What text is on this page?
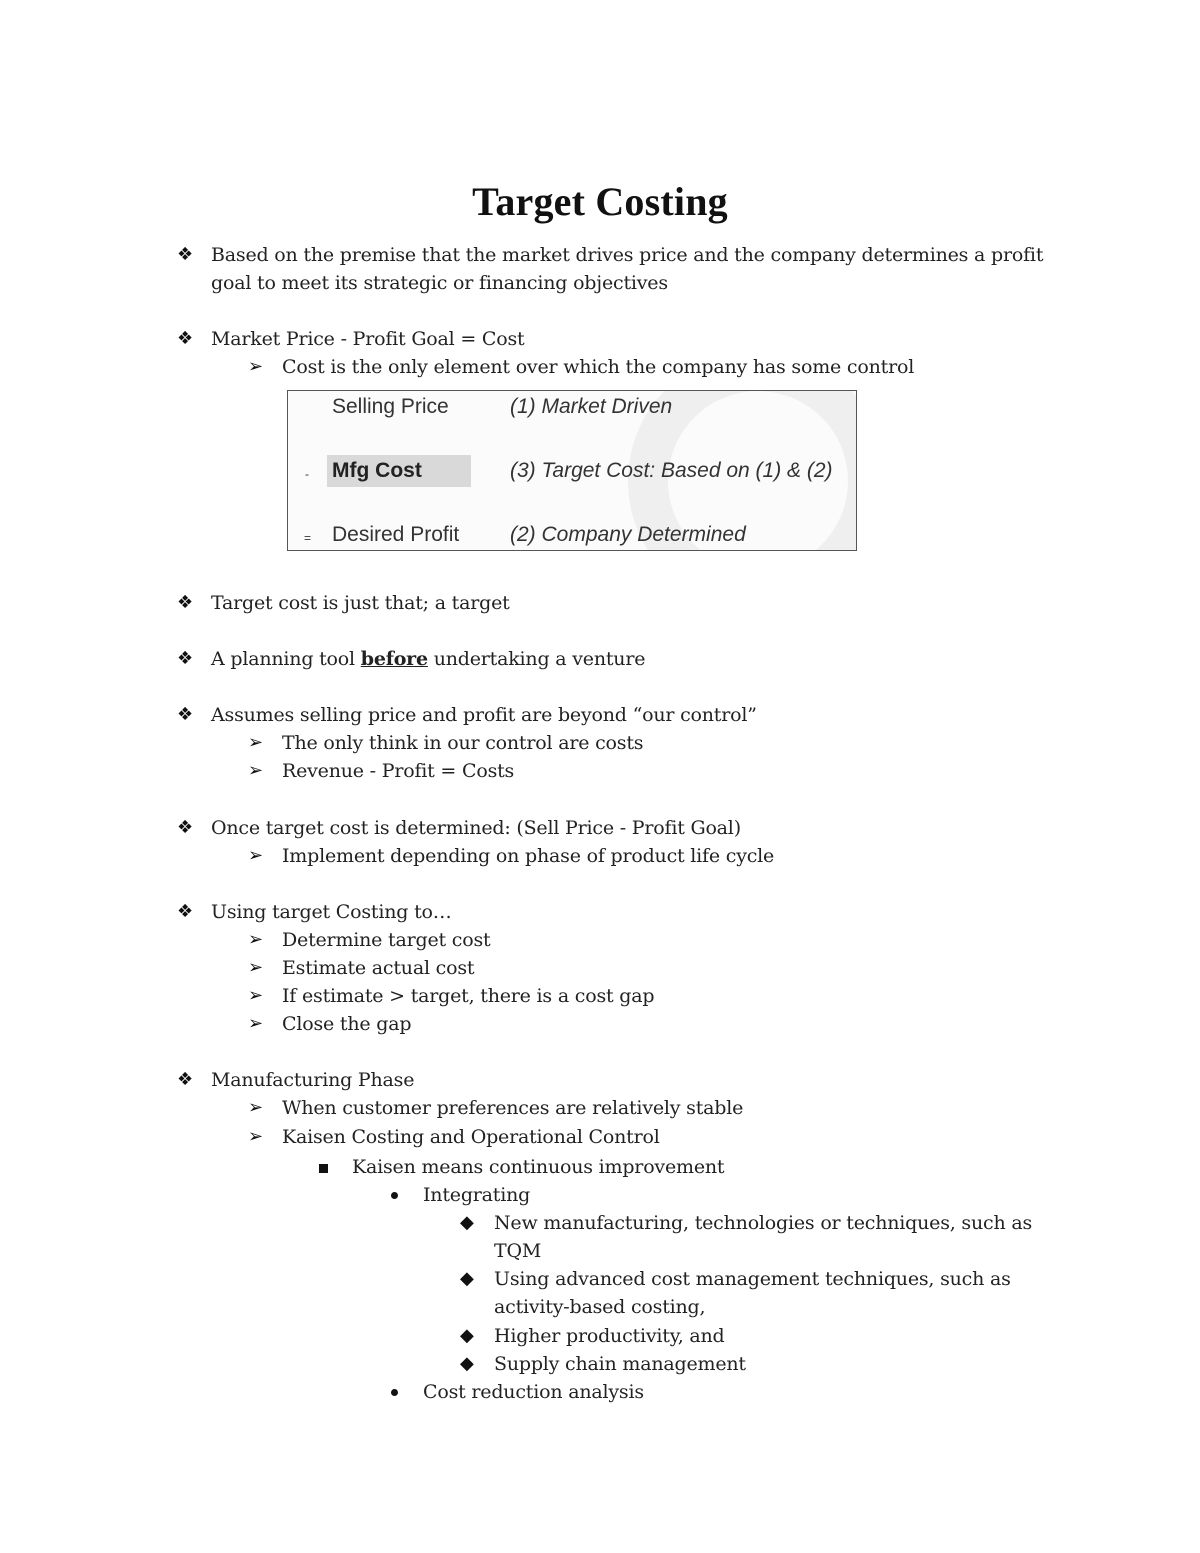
Target Costing
❖ Based on the premise that the market drives price and the company determines a profit
goal to meet its strategic or financing objectives
❖ Market Price - Profit Goal = Cost
➢ Cost is the only element over which the company has some control
Selling Price	(1) Market Driven
- Mfg Cost	(3) Target Cost: Based on (1) & (2)
= Desired Profit (2) Company Determined
❖ Target cost is just that; a target
❖ A planning tool before undertaking a venture
❖ Assumes selling price and profit are beyond “our control”
➢ The only think in our control are costs
➢ Revenue - Profit = Costs
❖ Once target cost is determined: (Sell Price - Profit Goal)
➢ Implement depending on phase of product life cycle
❖ Using target Costing to…
➢ Determine target cost
➢ Estimate actual cost
➢ If estimate > target, there is a cost gap
➢ Close the gap
❖ Manufacturing Phase
➢ When customer preferences are relatively stable
➢ Kaisen Costing and Operational Control
Kaisen means continuous improvement
Integrating
◆ New manufacturing, technologies or techniques, such as
TQM
◆ Using advanced cost management techniques, such as
activity-based costing,
◆ Higher productivity, and
◆ Supply chain management
Cost reduction analysis
